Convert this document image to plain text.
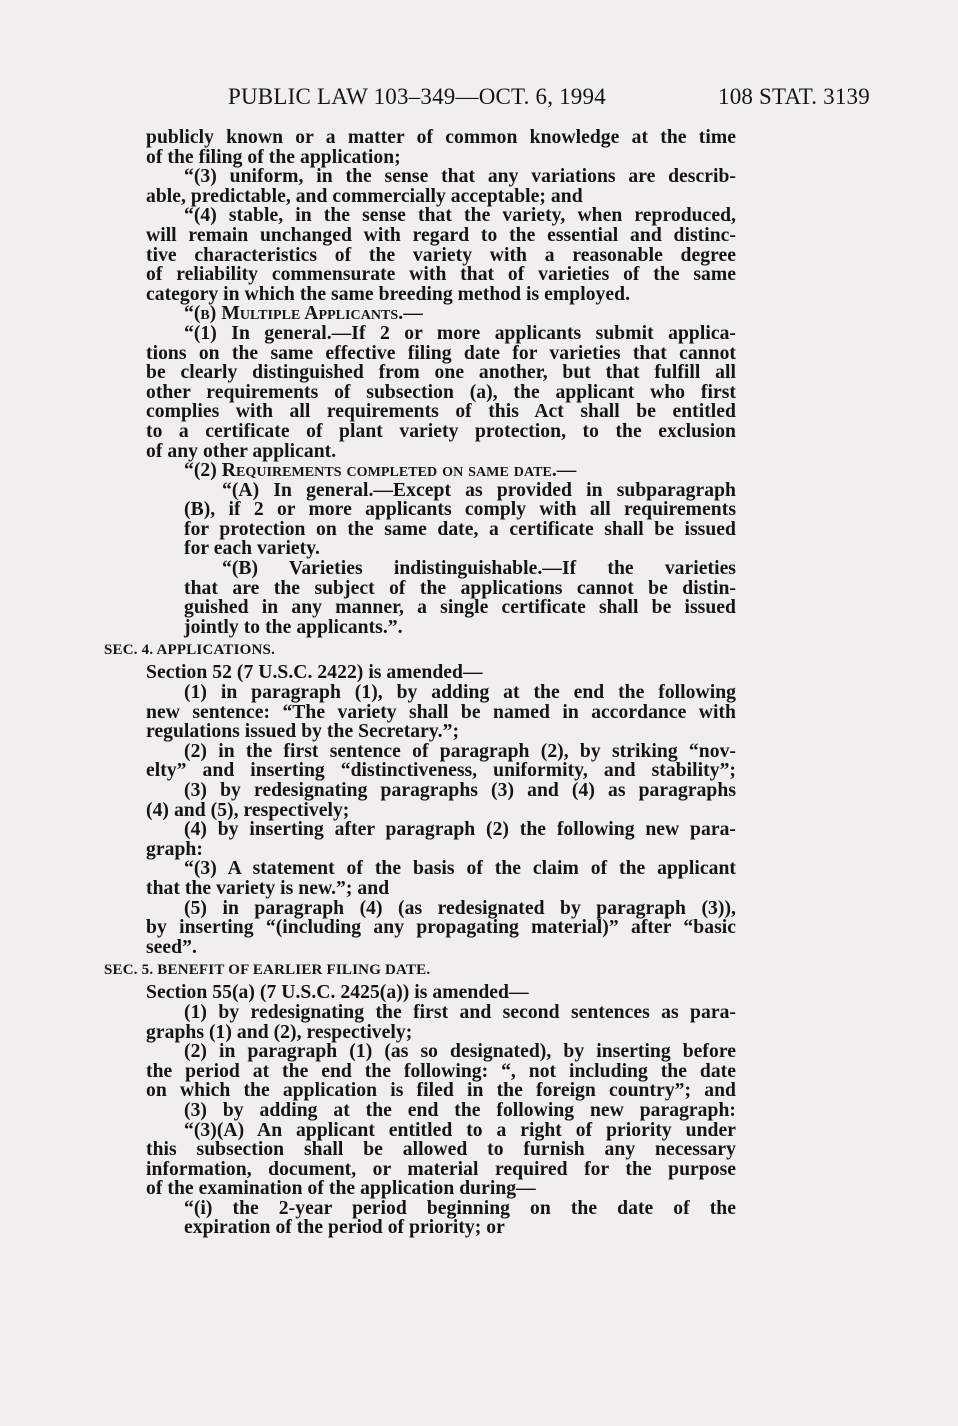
PUBLIC LAW 103–349—OCT. 6, 1994	108 STAT. 3139
publicly known or a matter of common knowledge at the time
of the filing of the application;
“(3) uniform, in the sense that any variations are describ-
able, predictable, and commercially acceptable; and
“(4) stable, in the sense that the variety, when reproduced,
will remain unchanged with regard to the essential and distinc-
tive characteristics of the variety with a reasonable degree
of reliability commensurate with that of varieties of the same
category in which the same breeding method is employed.
“(b) Multiple Applicants.—
“(1) In general.—If 2 or more applicants submit applica-
tions on the same effective filing date for varieties that cannot
be clearly distinguished from one another, but that fulfill all
other requirements of subsection (a), the applicant who first
complies with all requirements of this Act shall be entitled
to a certificate of plant variety protection, to the exclusion
of any other applicant.
“(2) Requirements completed on same date.—
“(A) In general.—Except as provided in subparagraph
(B), if 2 or more applicants comply with all requirements
for protection on the same date, a certificate shall be issued
for each variety.
“(B) Varieties indistinguishable.—If the varieties
that are the subject of the applications cannot be distin-
guished in any manner, a single certificate shall be issued
jointly to the applicants.”.
SEC. 4. APPLICATIONS.
Section 52 (7 U.S.C. 2422) is amended—
(1) in paragraph (1), by adding at the end the following
new sentence: “The variety shall be named in accordance with
regulations issued by the Secretary.”;
(2) in the first sentence of paragraph (2), by striking “nov-
elty” and inserting “distinctiveness, uniformity, and stability”;
(3) by redesignating paragraphs (3) and (4) as paragraphs
(4) and (5), respectively;
(4) by inserting after paragraph (2) the following new para-
graph:
“(3) A statement of the basis of the claim of the applicant
that the variety is new.”; and
(5) in paragraph (4) (as redesignated by paragraph (3)),
by inserting “(including any propagating material)” after “basic
seed”.
SEC. 5. BENEFIT OF EARLIER FILING DATE.
Section 55(a) (7 U.S.C. 2425(a)) is amended—
(1) by redesignating the first and second sentences as para-
graphs (1) and (2), respectively;
(2) in paragraph (1) (as so designated), by inserting before
the period at the end the following: “, not including the date
on which the application is filed in the foreign country”; and
(3) by adding at the end the following new paragraph:
“(3)(A) An applicant entitled to a right of priority under
this subsection shall be allowed to furnish any necessary
information, document, or material required for the purpose
of the examination of the application during—
“(i) the 2-year period beginning on the date of the
expiration of the period of priority; or
